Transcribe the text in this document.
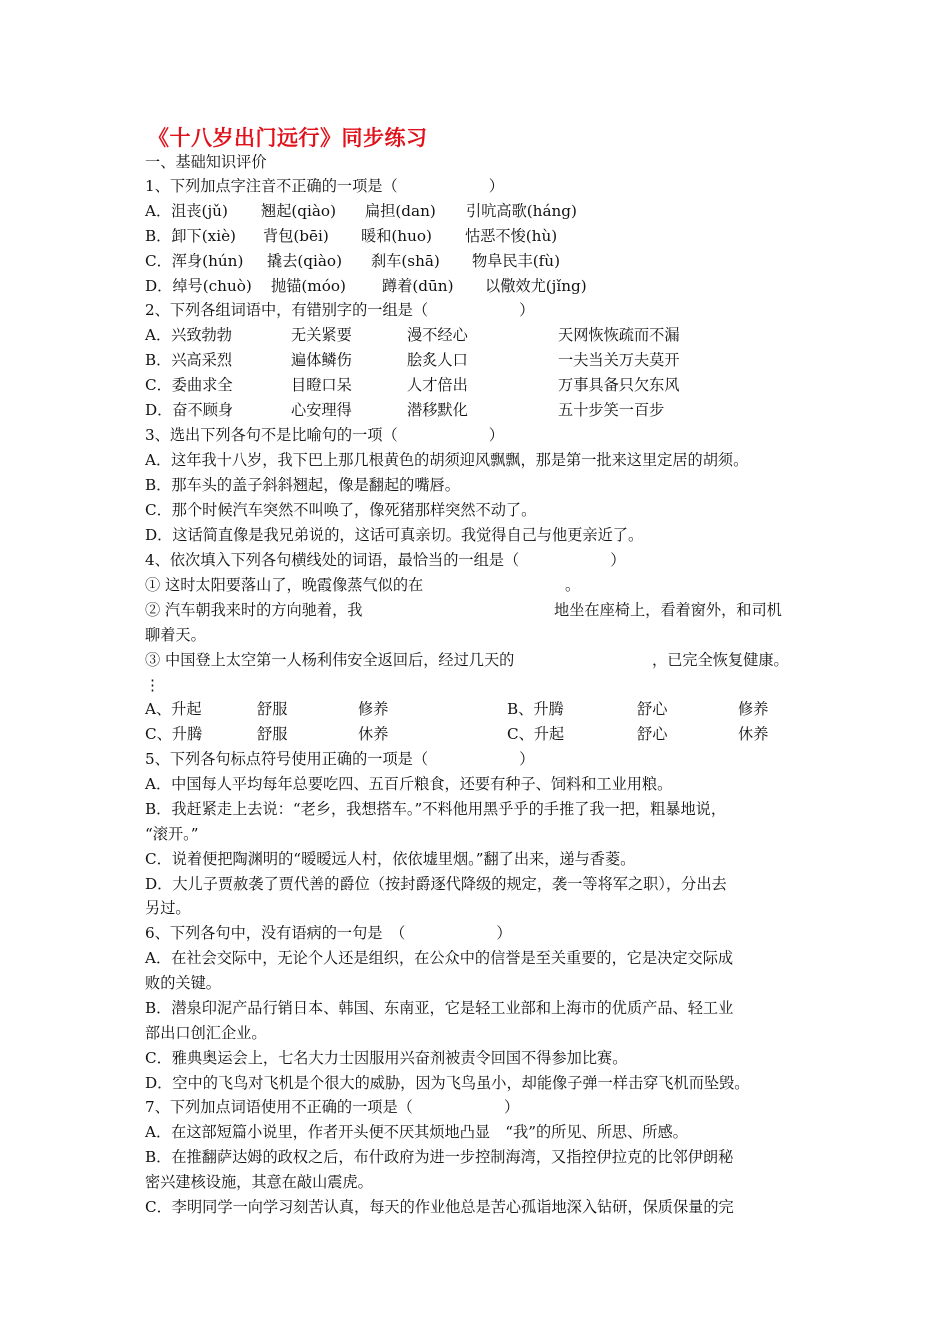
《十八岁出门远行》同步练习
一、基础知识评价
1、下列加点字注音不正确的一项是（　　　　　　）
A．沮丧(jǔ) 翘起(qiào) 扁担(dan) 引吭高歌(háng)
B．卸下(xiè) 背包(bēi) 暖和(huo) 怙恶不悛(hù)
C．浑身(hún) 撬去(qiào) 刹车(shā) 物阜民丰(fù)
D．绰号(chuò) 抛锚(móo) 蹲着(dūn) 以儆效尤(jǐng)
2、下列各组词语中，有错别字的一组是（　　　　　　）
A．兴致勃勃	无关紧要	漫不经心	天网恢恢疏而不漏
B．兴高采烈	遍体鳞伤	脍炙人口	一夫当关万夫莫开
C．委曲求全	目瞪口呆	人才倍出	万事具备只欠东风
D．奋不顾身	心安理得	潜移默化	五十步笑一百步
3、选出下列各句不是比喻句的一项（　　　　　　）
A．这年我十八岁，我下巴上那几根黄色的胡须迎风飘飘，那是第一批来这里定居的胡须。
B．那车头的盖子斜斜翘起，像是翻起的嘴唇。
C．那个时候汽车突然不叫唤了，像死猪那样突然不动了。
D．这话简直像是我兄弟说的，这话可真亲切。我觉得自己与他更亲近了。
4、依次填入下列各句横线处的词语，最恰当的一组是（　　　　　　）
① 这时太阳要落山了，晚霞像蒸气似的在	。
② 汽车朝我来时的方向驰着，我	地坐在座椅上，看着窗外，和司机
聊着天。
③ 中国登上太空第一人杨利伟安全返回后，经过几天的	，已完全恢复健康。
⋮
A、升起	舒服	修养	B、升腾	舒心	修养
C、升腾	舒服	休养	C、升起	舒心	休养
5、下列各句标点符号使用正确的一项是（　　　　　　）
A．中国每人平均每年总要吃四、五百斤粮食，还要有种子、饲料和工业用粮。
B．我赶紧走上去说：“老乡，我想搭车。”不料他用黑乎乎的手推了我一把，粗暴地说，
“滚开。”
C．说着便把陶渊明的“暧暧远人村，依依墟里烟。”翻了出来，递与香菱。
D．大儿子贾赦袭了贾代善的爵位（按封爵逐代降级的规定，袭一等将军之职），分出去
另过。
6、下列各句中，没有语病的一句是　（　　　　　　）
A．在社会交际中，无论个人还是组织，在公众中的信誉是至关重要的，它是决定交际成
败的关键。
B．潜泉印泥产品行销日本、韩国、东南亚，它是轻工业部和上海市的优质产品、轻工业
部出口创汇企业。
C．雅典奥运会上，七名大力士因服用兴奋剂被责令回国不得参加比赛。
D．空中的飞鸟对飞机是个很大的威胁，因为飞鸟虽小，却能像子弹一样击穿飞机而坠毁。
7、下列加点词语使用不正确的一项是（　　　　　　）
A．在这部短篇小说里，作者开头便不厌其烦地凸显　“我”的所见、所思、所感。
B．在推翻萨达姆的政权之后，布什政府为进一步控制海湾，又指控伊拉克的比邻伊朗秘
密兴建核设施，其意在敲山震虎。
C．李明同学一向学习刻苦认真，每天的作业他总是苦心孤诣地深入钻研，保质保量的完
